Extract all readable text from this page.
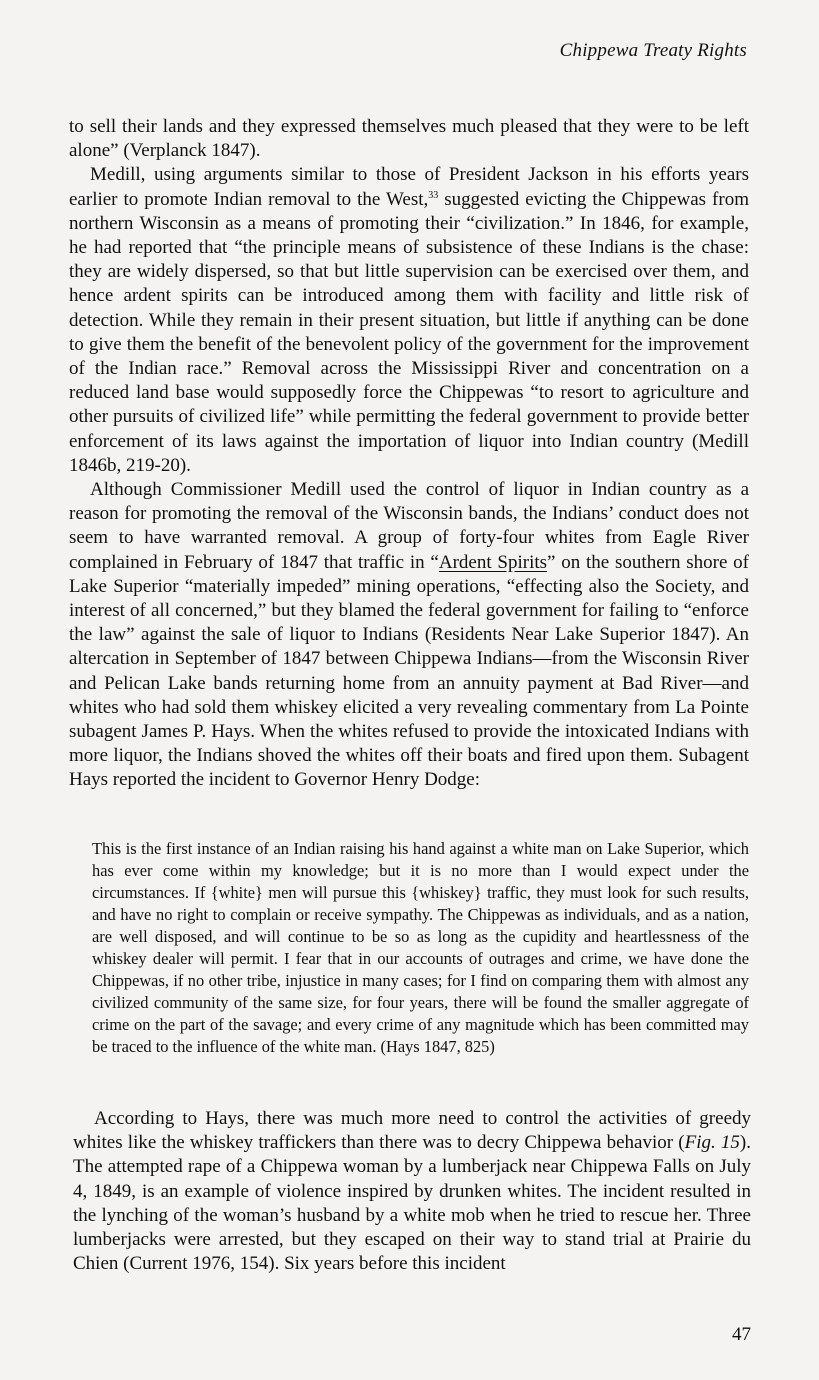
Chippewa Treaty Rights

to sell their lands and they expressed themselves much pleased that they were to be left alone” (Verplanck 1847).

Medill, using arguments similar to those of President Jackson in his efforts years earlier to promote Indian removal to the West,$^{33}$ suggested evicting the Chippewas from northern Wisconsin as a means of promoting their “civilization.” In 1846, for example, he had reported that “the principle means of subsistence of these Indians is the chase: they are widely dispersed, so that but little supervision can be exercised over them, and hence ardent spirits can be introduced among them with facility and little risk of detection. While they remain in their present situation, but little if anything can be done to give them the benefit of the benevolent policy of the government for the improvement of the Indian race.” Removal across the Mississippi River and concentration on a reduced land base would supposedly force the Chippewas “to resort to agriculture and other pursuits of civilized life” while permitting the federal government to provide better enforcement of its laws against the importation of liquor into Indian country (Medill 1846b, 219-20).

Although Commissioner Medill used the control of liquor in Indian country as a reason for promoting the removal of the Wisconsin bands, the Indians’ conduct does not seem to have warranted removal. A group of forty-four whites from Eagle River complained in February of 1847 that traffic in “Ardent Spirits” on the southern shore of Lake Superior “materially impeded” mining operations, “effecting also the Society, and interest of all concerned,” but they blamed the federal government for failing to “enforce the law” against the sale of liquor to Indians (Residents Near Lake Superior 1847). An altercation in September of 1847 between Chippewa Indians—from the Wisconsin River and Pelican Lake bands returning home from an annuity payment at Bad River—and whites who had sold them whiskey elicited a very revealing commentary from La Pointe subagent James P. Hays. When the whites refused to provide the intoxicated Indians with more liquor, the Indians shoved the whites off their boats and fired upon them. Subagent Hays reported the incident to Governor Henry Dodge:

This is the first instance of an Indian raising his hand against a white man on Lake Superior, which has ever come within my knowledge; but it is no more than I would expect under the circumstances. If {white} men will pursue this {whiskey} traffic, they must look for such results, and have no right to complain or receive sympathy. The Chippewas as individuals, and as a nation, are well disposed, and will continue to be so as long as the cupidity and heartlessness of the whiskey dealer will permit. I fear that in our accounts of outrages and crime, we have done the Chippewas, if no other tribe, injustice in many cases; for I find on comparing them with almost any civilized community of the same size, for four years, there will be found the smaller aggregate of crime on the part of the savage; and every crime of any magnitude which has been committed may be traced to the influence of the white man. (Hays 1847, 825)

According to Hays, there was much more need to control the activities of greedy whites like the whiskey traffickers than there was to decry Chippewa behavior (Fig. 15). The attempted rape of a Chippewa woman by a lumberjack near Chippewa Falls on July 4, 1849, is an example of violence inspired by drunken whites. The incident resulted in the lynching of the woman’s husband by a white mob when he tried to rescue her. Three lumberjacks were arrested, but they escaped on their way to stand trial at Prairie du Chien (Current 1976, 154). Six years before this incident

47
